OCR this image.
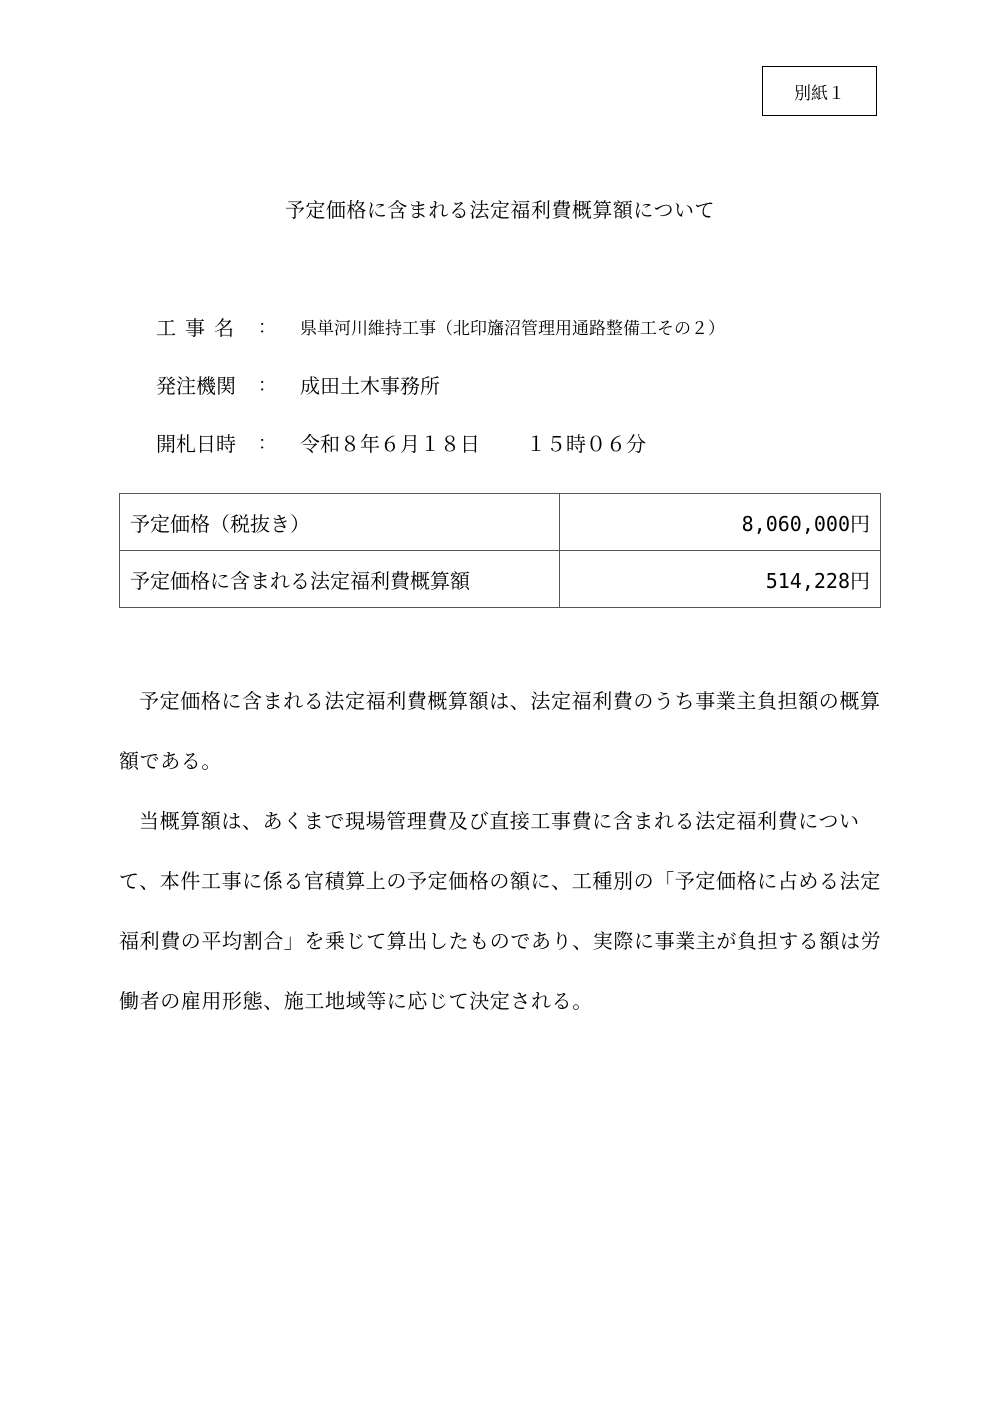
別紙１
予定価格に含まれる法定福利費概算額について
工事名 ：	県単河川維持工事（北印旛沼管理用通路整備工その２）
発注機関	：	成田土木事務所
開札日時	：	令和８年６月１８日 １５時０６分
予定価格（税抜き）	8,060,000円
予定価格に含まれる法定福利費概算額	514,228円

予定価格に含まれる法定福利費概算額は、法定福利費のうち事業主負担額の概算額である。

当概算額は、あくまで現場管理費及び直接工事費に含まれる法定福利費について、本件工事に係る官積算上の予定価格の額に、工種別の「予定価格に占める法定福利費の平均割合」を乗じて算出したものであり、実際に事業主が負担する額は労働者の雇用形態、施工地域等に応じて決定される。
